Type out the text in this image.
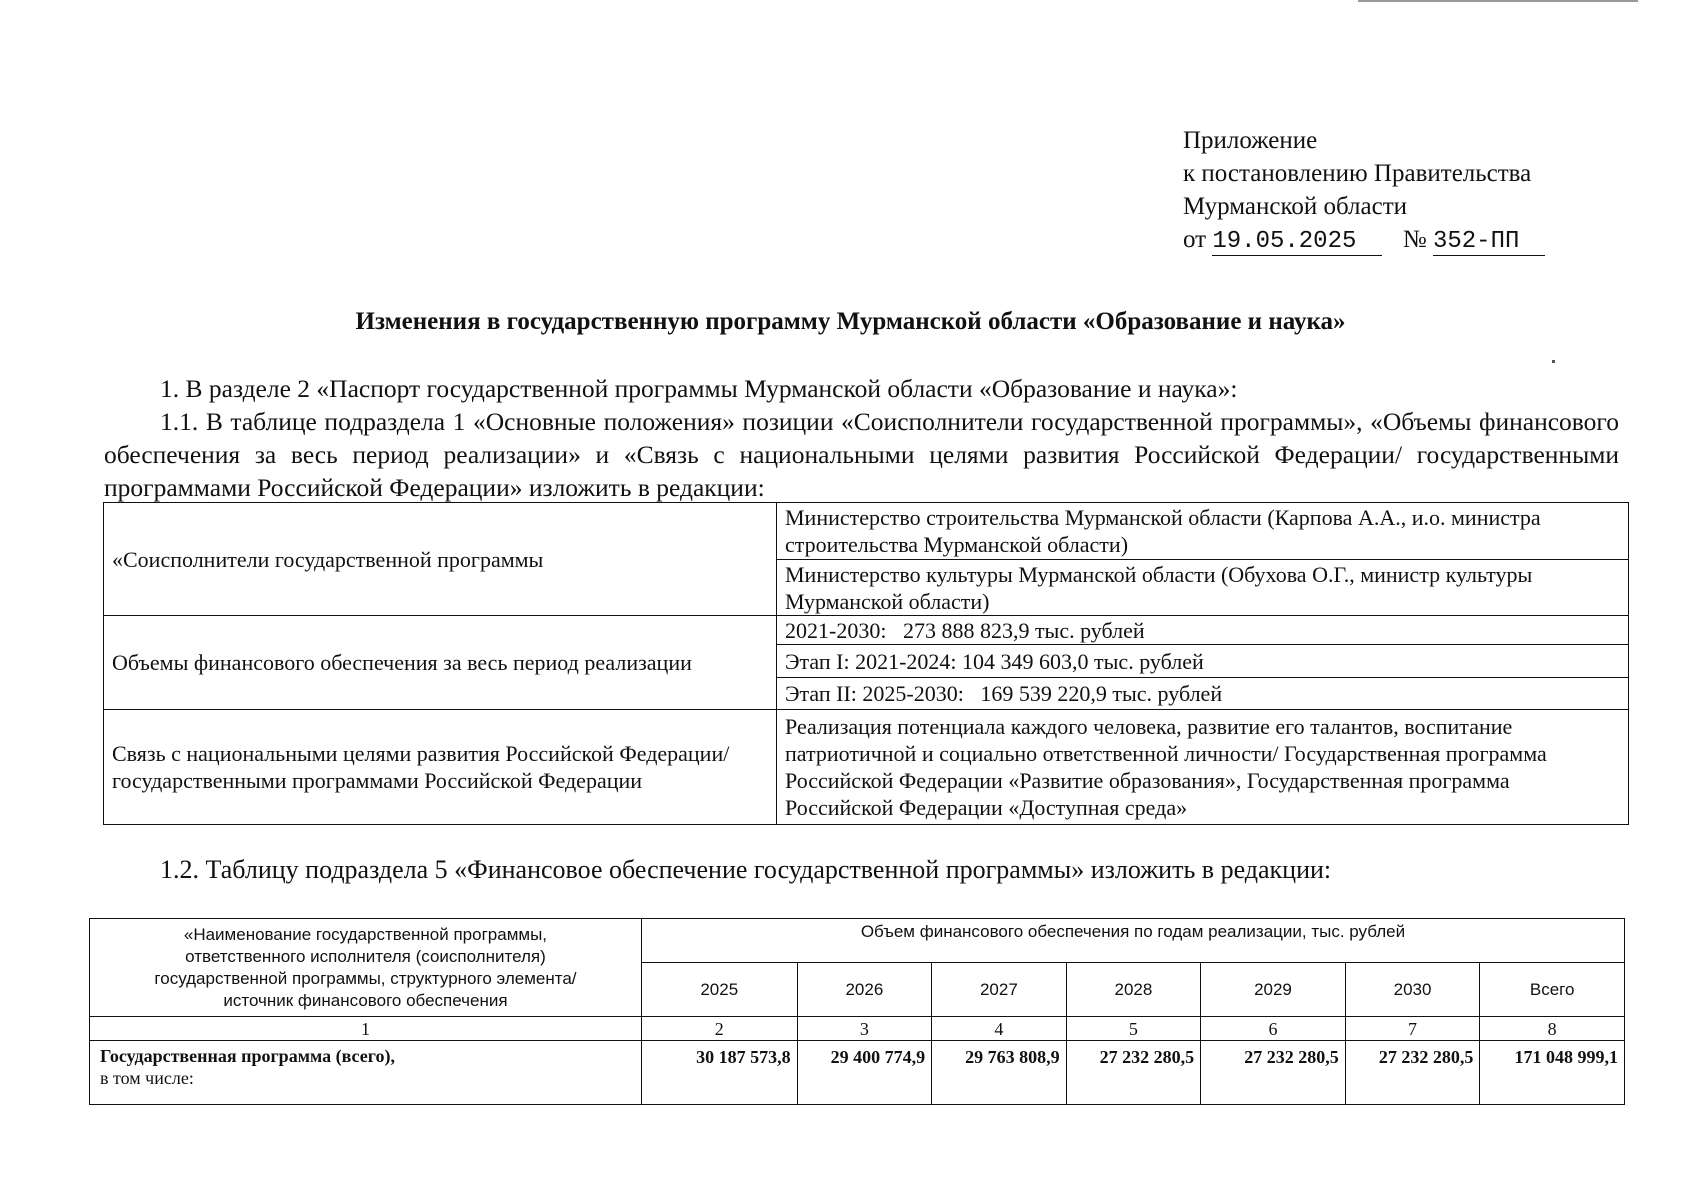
Приложение
к постановлению Правительства
Мурманской области
от 19.05.2025 № 352-ПП
Изменения в государственную программу Мурманской области «Образование и наука»
1. В разделе 2 «Паспорт государственной программы Мурманской области «Образование и наука»:
1.1. В таблице подраздела 1 «Основные положения» позиции «Соисполнители государственной программы», «Объемы финансового обеспечения за весь период реализации» и «Связь с национальными целями развития Российской Федерации/ государственными программами Российской Федерации» изложить в редакции:
«Соисполнители государственной программы	Министерство строительства Мурманской области (Карпова А.А., и.о. министра строительства Мурманской области)
	Министерство культуры Мурманской области (Обухова О.Г., министр культуры Мурманской области)
Объемы финансового обеспечения за весь период реализации	2021-2030:   273 888 823,9 тыс. рублей
	Этап I: 2021-2024: 104 349 603,0 тыс. рублей
	Этап II: 2025-2030:   169 539 220,9 тыс. рублей
Связь с национальными целями развития Российской Федерации/ государственными программами Российской Федерации	Реализация потенциала каждого человека, развитие его талантов, воспитание патриотичной и социально ответственной личности/ Государственная программа Российской Федерации «Развитие образования», Государственная программа Российской Федерации «Доступная среда»
1.2. Таблицу подраздела 5 «Финансовое обеспечение государственной программы» изложить в редакции:
«Наименование государственной программы, ответственного исполнителя (соисполнителя) государственной программы, структурного элемента/источник финансового обеспечения	Объем финансового обеспечения по годам реализации, тыс. рублей						
	2025	2026	2027	2028	2029	2030	Всего
1	2	3	4	5	6	7	8
Государственная программа (всего),
в том числе:	30 187 573,8	29 400 774,9	29 763 808,9	27 232 280,5	27 232 280,5	27 232 280,5	171 048 999,1
